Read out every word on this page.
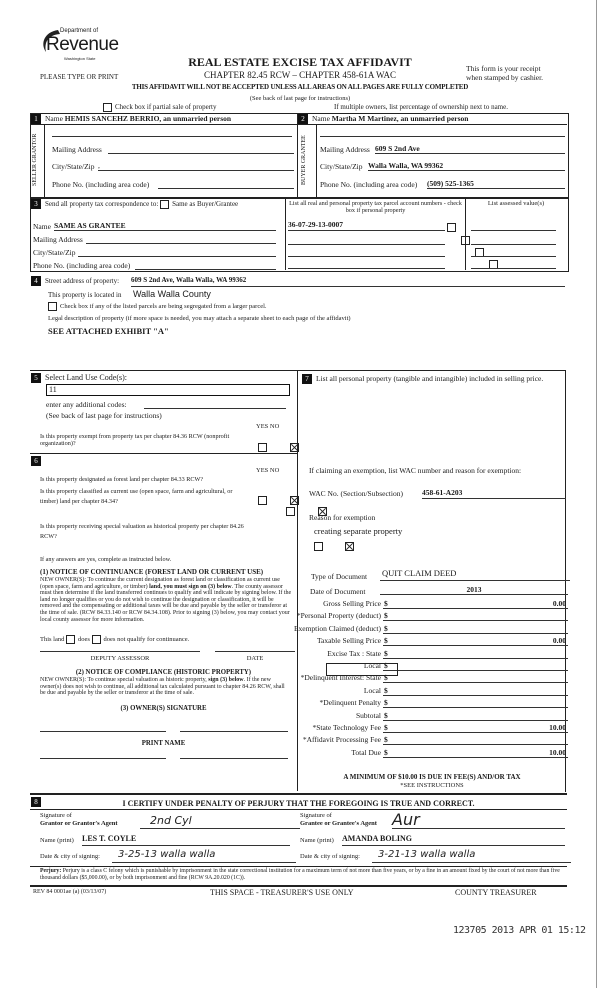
Department of
Revenue
Washington State
PLEASE TYPE OR PRINT
REAL ESTATE EXCISE TAX AFFIDAVIT
CHAPTER 82.45 RCW – CHAPTER 458-61A WAC
This form is your receipt
when stamped by cashier.
THIS AFFIDAVIT WILL NOT BE ACCEPTED UNLESS ALL AREAS ON ALL PAGES ARE FULLY COMPLETED
(See back of last page for instructions)
Check box if partial sale of property	If multiple owners, list percentage of ownership next to name.
1 Name HEMIS SANCEHZ BERRIO, an unmarried person
SELLER GRANTOR	Mailing Address
City/State/Zip ,
Phone No. (including area code)
2 Name Martha M Martinez, an unmarried person
BUYER GRANTEE	Mailing Address 609 S 2nd Ave
City/State/Zip Walla Walla, WA 99362
Phone No. (including area code) (509) 525-1365
3 Send all property tax correspondence to: Same as Buyer/Grantee
Name SAME AS GRANTEE
Mailing Address
City/State/Zip
Phone No. (including area code)
List all real and personal property tax parcel account numbers - check box if personal property
List assessed value(s)
36-07-29-13-0007

4 Street address of property: 609 S 2nd Ave, Walla Walla, WA 99362
This property is located in Walla Walla County
Check box if any of the listed parcels are being segregated from a larger parcel.
Legal description of property (if more space is needed, you may attach a separate sheet to each page of the affidavit)
SEE ATTACHED EXHIBIT "A"
5 Select Land Use Code(s):
11
enter any additional codes:
(See back of last page for instructions)
YES NO
Is this property exempt from property tax per chapter 84.36 RCW (nonprofit organization)?

6
YES NO
Is this property designated as forest land per chapter 84.33 RCW?

Is this property classified as current use (open space, farm and agricultural, or timber) land per chapter 84.34?

Is this property receiving special valuation as historical property per chapter 84.26 RCW?

If any answers are yes, complete as instructed below.
(1) NOTICE OF CONTINUANCE (FOREST LAND OR CURRENT USE)
NEW OWNER(S): To continue the current designation as forest land or classification as current use (open space, farm and agriculture, or timber) land, you must sign on (3) below. The county assessor must then determine if the land transferred continues to qualify and will indicate by signing below. If the land no longer qualifies or you do not wish to continue the designation or classification, it will be removed and the compensating or additional taxes will be due and payable by the seller or transferor at the time of sale. (RCW 84.33.140 or RCW 84.34.108). Prior to signing (3) below, you may contact your local county assessor for more information.
This land does does not qualify for continuance.
DEPUTY ASSESSOR	DATE
(2) NOTICE OF COMPLIANCE (HISTORIC PROPERTY)
NEW OWNER(S): To continue special valuation as historic property, sign (3) below. If the new owner(s) does not wish to continue, all additional tax calculated pursuant to chapter 84.26 RCW, shall be due and payable by the seller or transferor at the time of sale.
(3) OWNER(S) SIGNATURE
PRINT NAME
7 List all personal property (tangible and intangible) included in selling price.
If claiming an exemption, list WAC number and reason for exemption:
WAC No. (Section/Subsection)	458-61-A203
Reason for exemption
creating separate property
Type of Document QUIT CLAIM DEED
Date of Document	2013
Gross Selling Price $	0.00
*Personal Property (deduct) $
Exemption Claimed (deduct) $
Taxable Selling Price $	0.00
Excise Tax : State $
Local $
*Delinquent Interest: State $
Local $
*Delinquent Penalty $
Subtotal $
*State Technology Fee $	10.00
*Affidavit Processing Fee $
Total Due $	10.00
A MINIMUM OF $10.00 IS DUE IN FEE(S) AND/OR TAX
*SEE INSTRUCTIONS
8	I CERTIFY UNDER PENALTY OF PERJURY THAT THE FOREGOING IS TRUE AND CORRECT.
Signature of
Grantor or Grantor's Agent	2nd Cyl
Name (print) LES T. COYLE
Date & city of signing:	3-25-13 walla walla
Signature of
Grantee or Grantee's Agent Aur
Name (print) AMANDA BOLING
Date & city of signing:	3-21-13 walla walla
Perjury: Perjury is a class C felony which is punishable by imprisonment in the state correctional institution for a maximum term of not more than five years, or by a fine in an amount fixed by the court of not more than five thousand dollars ($5,000.00), or by both imprisonment and fine (RCW 9A.20.020 (1C)).
REV 84 0001ae (a) (03/13/07)	THIS SPACE - TREASURER'S USE ONLY	COUNTY TREASURER
123705 2013 APR 01 15:12
